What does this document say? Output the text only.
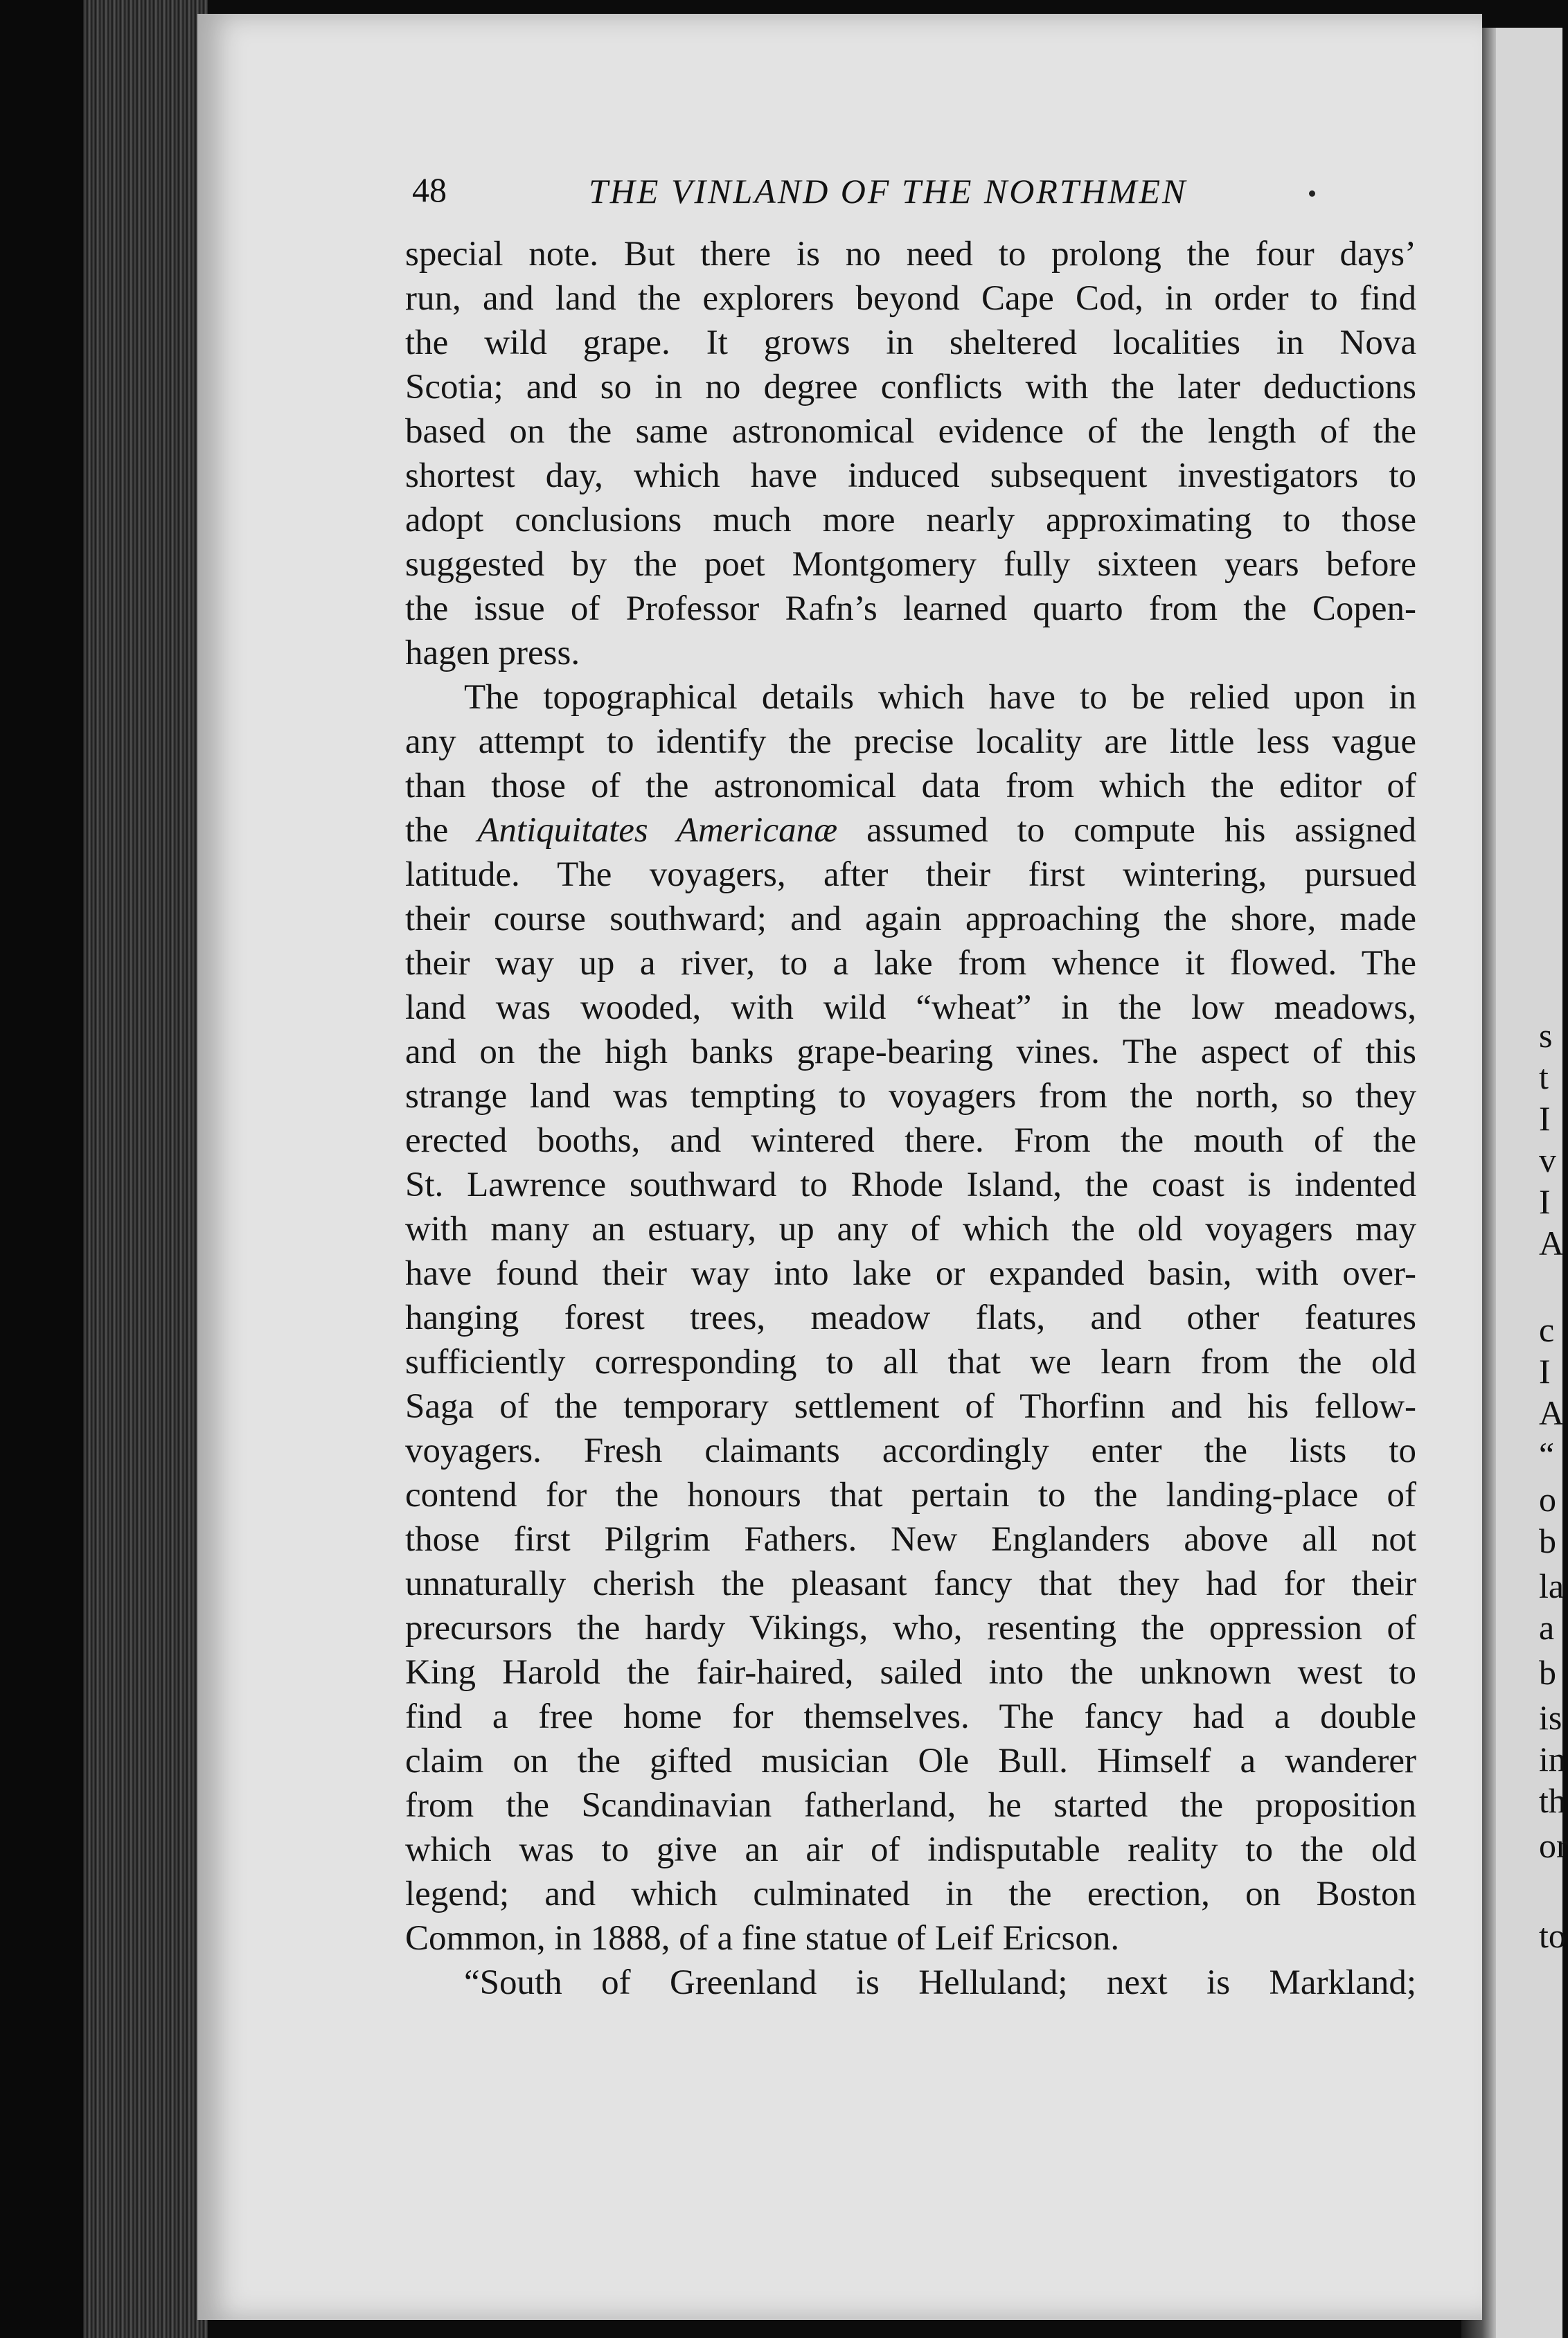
48	THE VINLAND OF THE NORTHMEN
special note. But there is no need to prolong the four days’
run, and land the explorers beyond Cape Cod, in order to find
the wild grape. It grows in sheltered localities in Nova
Scotia; and so in no degree conflicts with the later deductions
based on the same astronomical evidence of the length of the
shortest day, which have induced subsequent investigators to
adopt conclusions much more nearly approximating to those
suggested by the poet Montgomery fully sixteen years before
the issue of Professor Rafn’s learned quarto from the Copen-
hagen press.
The topographical details which have to be relied upon in
any attempt to identify the precise locality are little less vague
than those of the astronomical data from which the editor of
the Antiquitates Americanæ assumed to compute his assigned
latitude. The voyagers, after their first wintering, pursued
their course southward; and again approaching the shore, made
their way up a river, to a lake from whence it flowed. The
land was wooded, with wild “wheat” in the low meadows,
and on the high banks grape-bearing vines. The aspect of this
strange land was tempting to voyagers from the north, so they
erected booths, and wintered there. From the mouth of the
St. Lawrence southward to Rhode Island, the coast is indented
with many an estuary, up any of which the old voyagers may
have found their way into lake or expanded basin, with over-
hanging forest trees, meadow flats, and other features
sufficiently corresponding to all that we learn from the old
Saga of the temporary settlement of Thorfinn and his fellow-
voyagers. Fresh claimants accordingly enter the lists to
contend for the honours that pertain to the landing-place of
those first Pilgrim Fathers. New Englanders above all not
unnaturally cherish the pleasant fancy that they had for their
precursors the hardy Vikings, who, resenting the oppression of
King Harold the fair-haired, sailed into the unknown west to
find a free home for themselves. The fancy had a double
claim on the gifted musician Ole Bull. Himself a wanderer
from the Scandinavian fatherland, he started the proposition
which was to give an air of indisputable reality to the old
legend; and which culminated in the erection, on Boston
Common, in 1888, of a fine statue of Leif Ericson.
“South of Greenland is Helluland; next is Markland;
s
t
I
v
I
A
c
I
A
“
o
b
la
a
b
is
in
th
or
to
